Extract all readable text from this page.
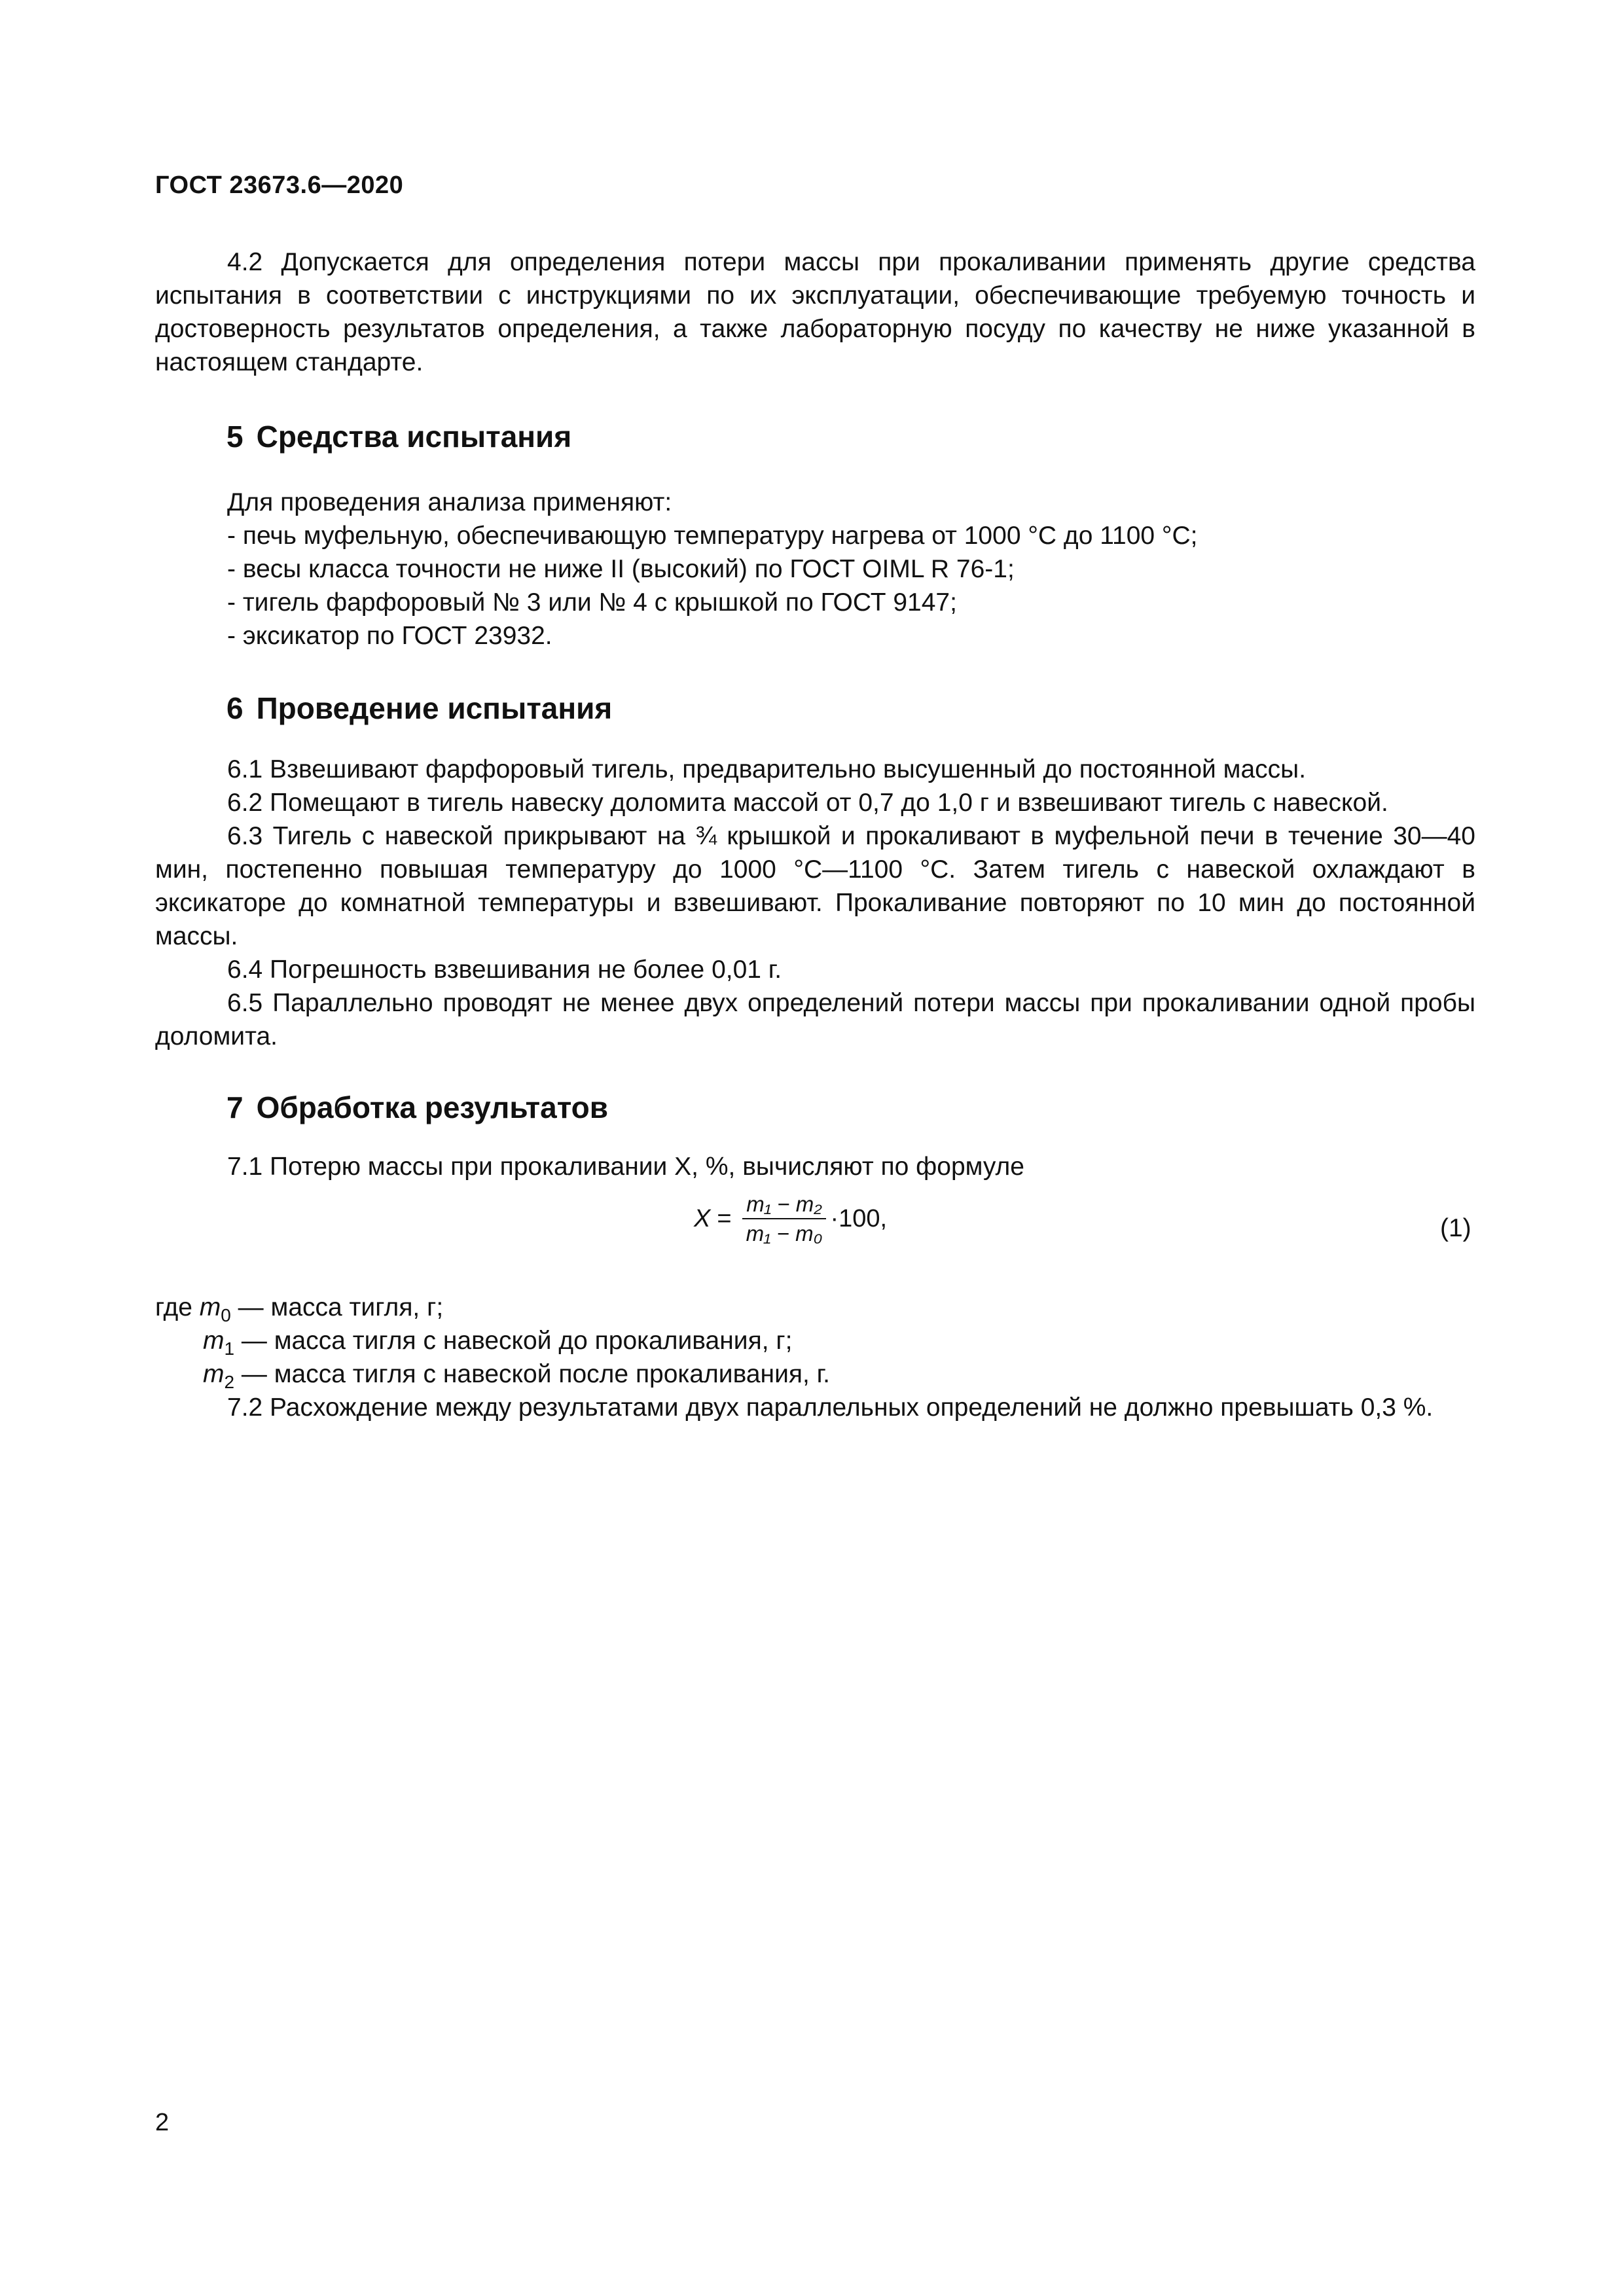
ГОСТ 23673.6—2020

4.2 Допускается для определения потери массы при прокаливании применять другие средства испытания в соответствии с инструкциями по их эксплуатации, обеспечивающие требуемую точность и достоверность результатов определения, а также лабораторную посуду по качеству не ниже указанной в настоящем стандарте.

5 Средства испытания

Для проведения анализа применяют:

- печь муфельную, обеспечивающую температуру нагрева от 1000 °С до 1100 °С;

- весы класса точности не ниже II (высокий) по ГОСТ OIML R 76-1;

- тигель фарфоровый № 3 или № 4 с крышкой по ГОСТ 9147;

- эксикатор по ГОСТ 23932.

6 Проведение испытания

6.1 Взвешивают фарфоровый тигель, предварительно высушенный до постоянной массы.

6.2 Помещают в тигель навеску доломита массой от 0,7 до 1,0 г и взвешивают тигель с навеской.

6.3 Тигель с навеской прикрывают на ¾ крышкой и прокаливают в муфельной печи в течение 30—40 мин, постепенно повышая температуру до 1000 °С—1100 °С. Затем тигель с навеской охлаждают в эксикаторе до комнатной температуры и взвешивают. Прокаливание повторяют по 10 мин до постоянной массы.

6.4 Погрешность взвешивания не более 0,01 г.

6.5 Параллельно проводят не менее двух определений потери массы при прокаливании одной пробы доломита.

7 Обработка результатов

7.1 Потерю массы при прокаливании X, %, вычисляют по формуле

$X = \frac{\text{m₁ − m₂}}{\text{m₁ − m₀}} \cdot 100$,	(1)
где $m_0$ — масса тигля, г;
$m_1$ — масса тигля с навеской до прокаливания, г;
$m_2$ — масса тигля с навеской после прокаливания, г.

7.2 Расхождение между результатами двух параллельных определений не должно превышать 0,3 %.

2
